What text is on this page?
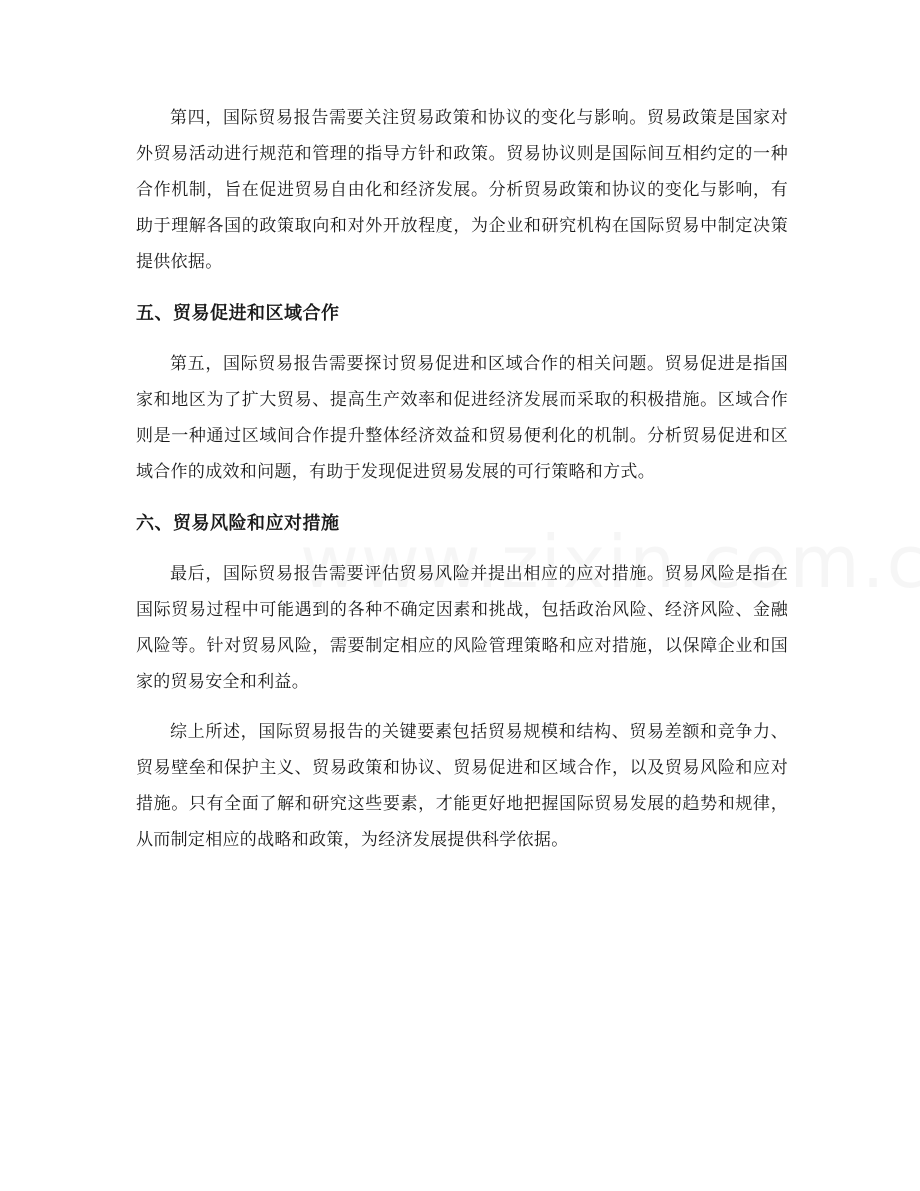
第四，国际贸易报告需要关注贸易政策和协议的变化与影响。贸易政策是国家对外贸易活动进行规范和管理的指导方针和政策。贸易协议则是国际间互相约定的一种合作机制，旨在促进贸易自由化和经济发展。分析贸易政策和协议的变化与影响，有助于理解各国的政策取向和对外开放程度，为企业和研究机构在国际贸易中制定决策提供依据。

五、贸易促进和区域合作

第五，国际贸易报告需要探讨贸易促进和区域合作的相关问题。贸易促进是指国家和地区为了扩大贸易、提高生产效率和促进经济发展而采取的积极措施。区域合作则是一种通过区域间合作提升整体经济效益和贸易便利化的机制。分析贸易促进和区域合作的成效和问题，有助于发现促进贸易发展的可行策略和方式。

六、贸易风险和应对措施

最后，国际贸易报告需要评估贸易风险并提出相应的应对措施。贸易风险是指在国际贸易过程中可能遇到的各种不确定因素和挑战，包括政治风险、经济风险、金融风险等。针对贸易风险，需要制定相应的风险管理策略和应对措施，以保障企业和国家的贸易安全和利益。

综上所述，国际贸易报告的关键要素包括贸易规模和结构、贸易差额和竞争力、贸易壁垒和保护主义、贸易政策和协议、贸易促进和区域合作，以及贸易风险和应对措施。只有全面了解和研究这些要素，才能更好地把握国际贸易发展的趋势和规律，从而制定相应的战略和政策，为经济发展提供科学依据。
